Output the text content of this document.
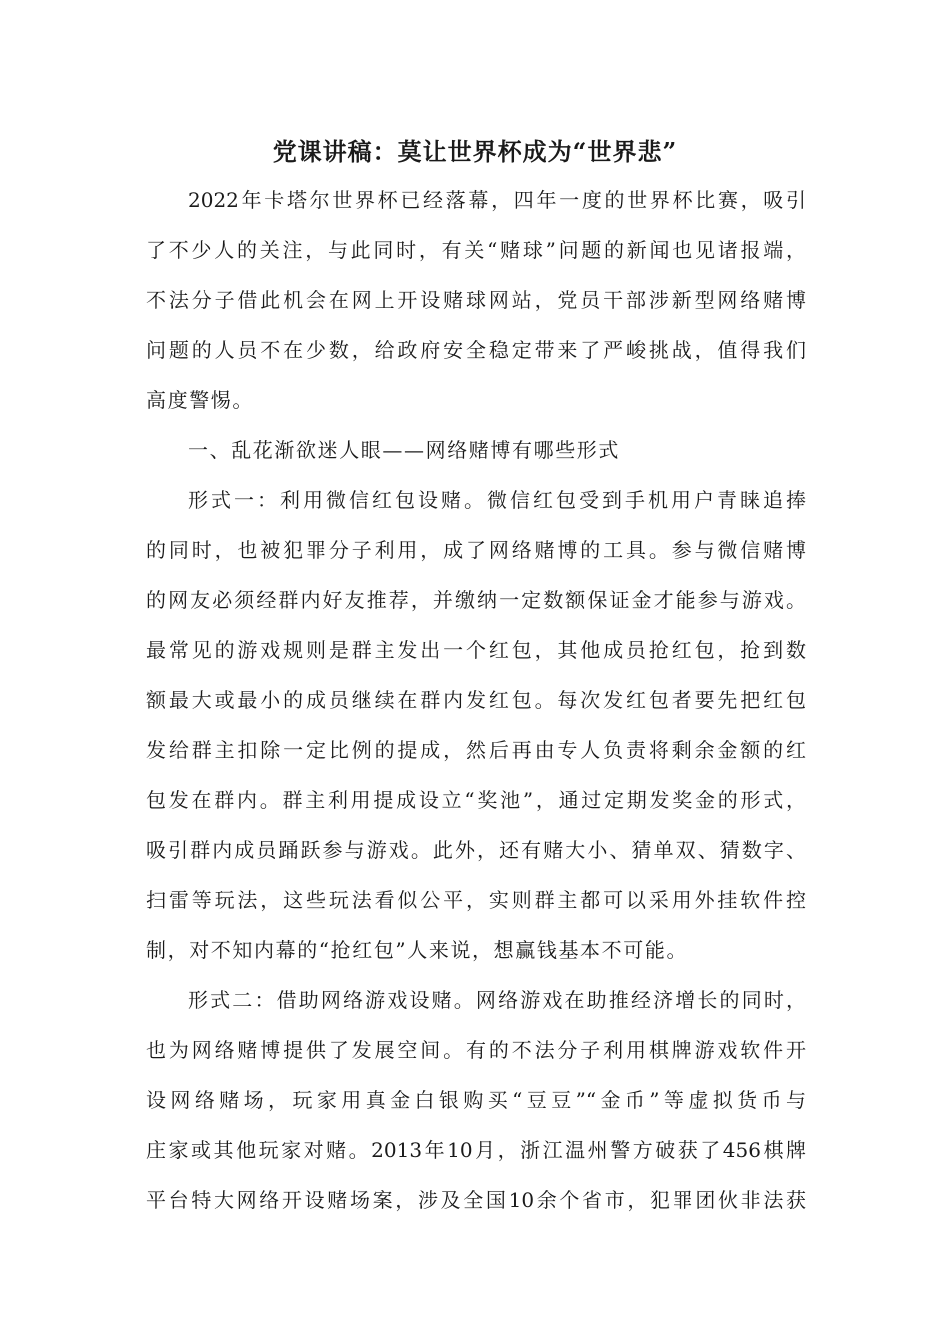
党课讲稿：莫让世界杯成为“世界悲”
2022年卡塔尔世界杯已经落幕，四年一度的世界杯比赛，吸引
了不少人的关注，与此同时，有关“赌球”问题的新闻也见诸报端，
不法分子借此机会在网上开设赌球网站，党员干部涉新型网络赌博
问题的人员不在少数，给政府安全稳定带来了严峻挑战，值得我们
高度警惕。
一、乱花渐欲迷人眼——网络赌博有哪些形式
形式一：利用微信红包设赌。微信红包受到手机用户青睐追捧
的同时，也被犯罪分子利用，成了网络赌博的工具。参与微信赌博
的网友必须经群内好友推荐，并缴纳一定数额保证金才能参与游戏。
最常见的游戏规则是群主发出一个红包，其他成员抢红包，抢到数
额最大或最小的成员继续在群内发红包。每次发红包者要先把红包
发给群主扣除一定比例的提成，然后再由专人负责将剩余金额的红
包发在群内。群主利用提成设立“奖池”，通过定期发奖金的形式，
吸引群内成员踊跃参与游戏。此外，还有赌大小、猜单双、猜数字、
扫雷等玩法，这些玩法看似公平，实则群主都可以采用外挂软件控
制，对不知内幕的“抢红包”人来说，想赢钱基本不可能。
形式二：借助网络游戏设赌。网络游戏在助推经济增长的同时，
也为网络赌博提供了发展空间。有的不法分子利用棋牌游戏软件开
设网络赌场，玩家用真金白银购买“豆豆”“金币”等虚拟货币与
庄家或其他玩家对赌。2013年10月，浙江温州警方破获了456棋牌
平台特大网络开设赌场案，涉及全国10余个省市，犯罪团伙非法获
